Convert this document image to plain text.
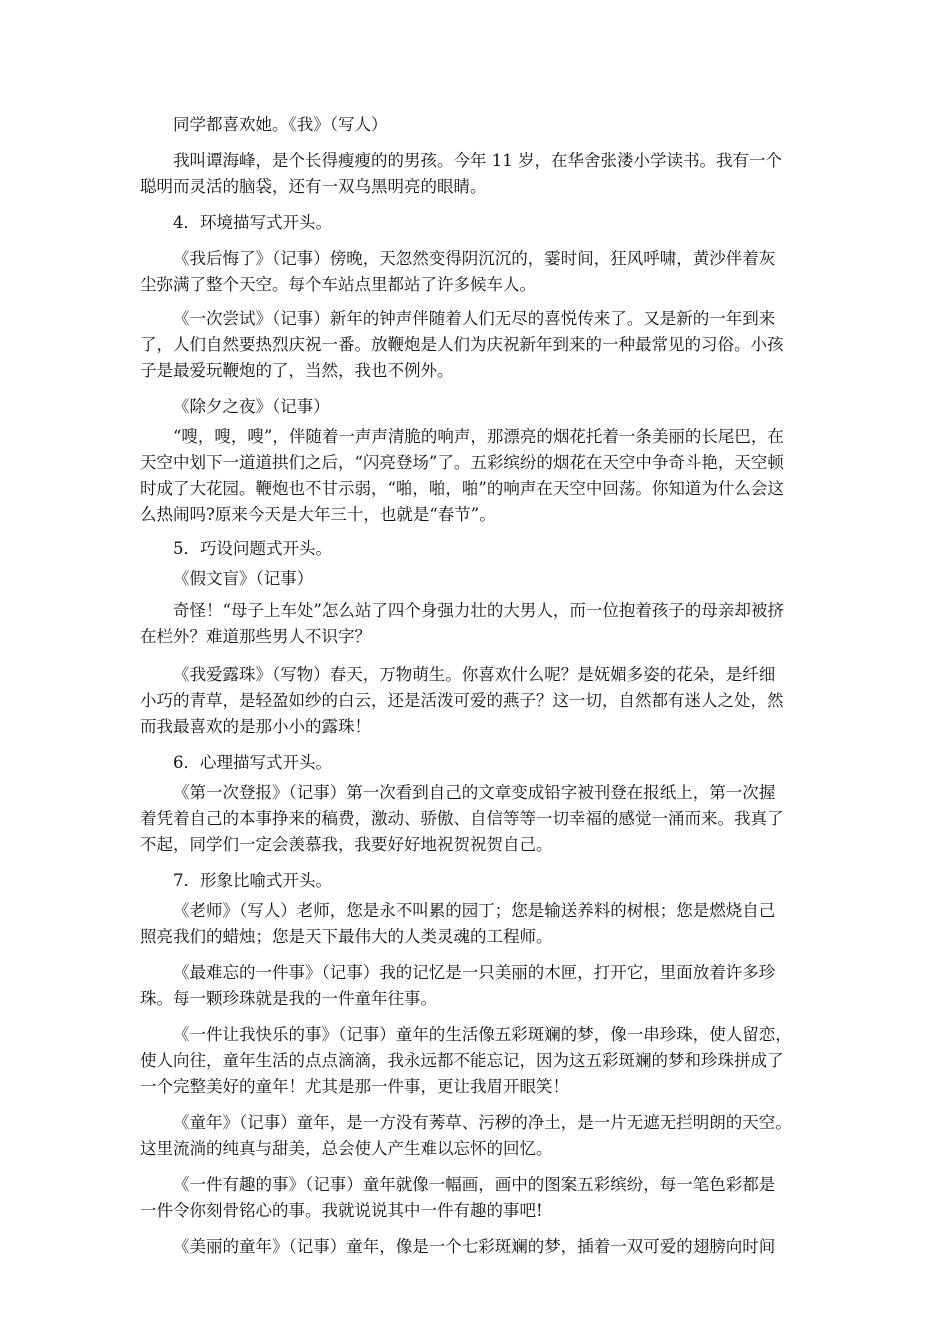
同学都喜欢她。《我》（写人）
我叫谭海峰，是个长得瘦瘦的的男孩。今年 11 岁，在华舍张溇小学读书。我有一个
聪明而灵活的脑袋，还有一双乌黑明亮的眼睛。
4．环境描写式开头。
《我后悔了》（记事）傍晚，天忽然变得阴沉沉的，霎时间，狂风呼啸，黄沙伴着灰
尘弥满了整个天空。每个车站点里都站了许多候车人。
《一次尝试》（记事）新年的钟声伴随着人们无尽的喜悦传来了。又是新的一年到来
了，人们自然要热烈庆祝一番。放鞭炮是人们为庆祝新年到来的一种最常见的习俗。小孩
子是最爱玩鞭炮的了，当然，我也不例外。
《除夕之夜》（记事）
“嗖，嗖，嗖”，伴随着一声声清脆的响声，那漂亮的烟花托着一条美丽的长尾巴，在
天空中划下一道道拱们之后，“闪亮登场”了。五彩缤纷的烟花在天空中争奇斗艳，天空顿
时成了大花园。鞭炮也不甘示弱，“啪，啪，啪”的响声在天空中回荡。你知道为什么会这
么热闹吗?原来今天是大年三十，也就是“春节”。
5．巧设问题式开头。
《假文盲》（记事）
奇怪！“母子上车处”怎么站了四个身强力壮的大男人，而一位抱着孩子的母亲却被挤
在栏外？难道那些男人不识字？
《我爱露珠》（写物）春天，万物萌生。你喜欢什么呢？是妩媚多姿的花朵，是纤细
小巧的青草，是轻盈如纱的白云，还是活泼可爱的燕子？这一切，自然都有迷人之处，然
而我最喜欢的是那小小的露珠！
6．心理描写式开头。
《第一次登报》（记事）第一次看到自己的文章变成铅字被刊登在报纸上，第一次握
着凭着自己的本事挣来的稿费，激动、骄傲、自信等等一切幸福的感觉一涌而来。我真了
不起，同学们一定会羡慕我，我要好好地祝贺祝贺自己。
7．形象比喻式开头。
《老师》（写人）老师，您是永不叫累的园丁；您是输送养料的树根；您是燃烧自己
照亮我们的蜡烛；您是天下最伟大的人类灵魂的工程师。
《最难忘的一件事》（记事）我的记忆是一只美丽的木匣，打开它，里面放着许多珍
珠。每一颗珍珠就是我的一件童年往事。
《一件让我快乐的事》（记事）童年的生活像五彩斑斓的梦，像一串珍珠，使人留恋，
使人向往，童年生活的点点滴滴，我永远都不能忘记，因为这五彩斑斓的梦和珍珠拼成了
一个完整美好的童年！尤其是那一件事，更让我眉开眼笑！
《童年》（记事）童年，是一方没有莠草、污秽的净土，是一片无遮无拦明朗的天空。
这里流淌的纯真与甜美，总会使人产生难以忘怀的回忆。
《一件有趣的事》（记事）童年就像一幅画，画中的图案五彩缤纷，每一笔色彩都是
一件令你刻骨铭心的事。我就说说其中一件有趣的事吧!
《美丽的童年》（记事）童年，像是一个七彩斑斓的梦，插着一双可爱的翅膀向时间
